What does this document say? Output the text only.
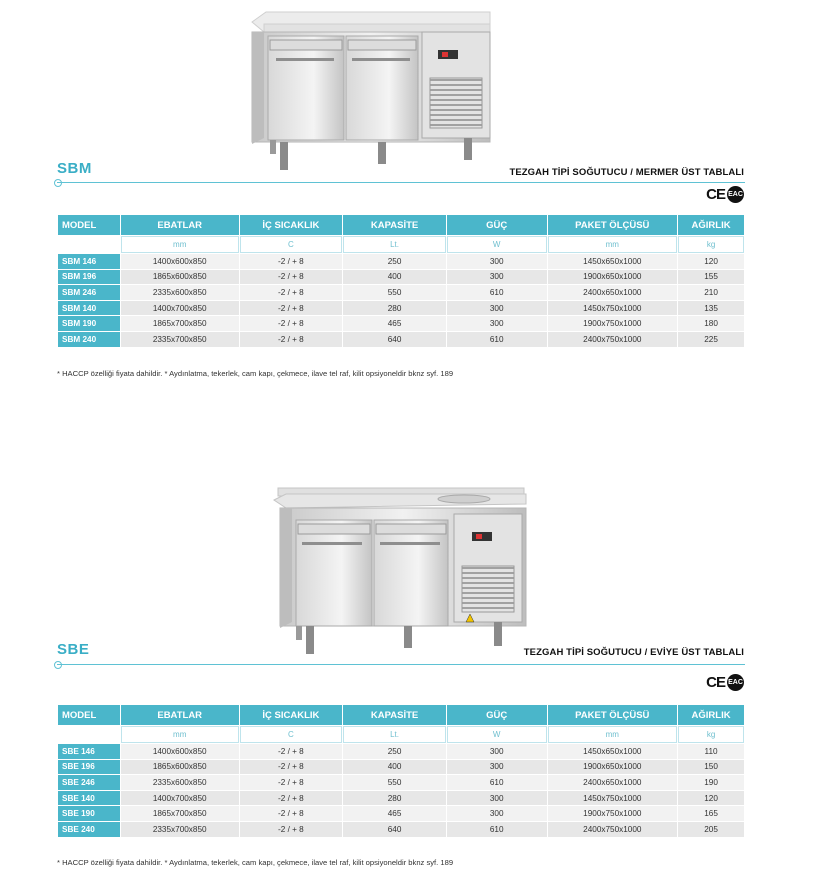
SBM	TEZGAH TİPİ SOĞUTUCU / MERMER ÜST TABLALI
CE EAC
MODEL	EBATLAR	İÇ SICAKLIK	KAPASİTE	GÜÇ	PAKET ÖLÇÜSÜ	AĞIRLIK
	mm	C	Lt.	W	mm	kg
SBM 146	1400x600x850	-2 / + 8	250	300	1450x650x1000	120
SBM 196	1865x600x850	-2 / + 8	400	300	1900x650x1000	155
SBM 246	2335x600x850	-2 / + 8	550	610	2400x650x1000	210
SBM 140	1400x700x850	-2 / + 8	280	300	1450x750x1000	135
SBM 190	1865x700x850	-2 / + 8	465	300	1900x750x1000	180
SBM 240	2335x700x850	-2 / + 8	640	610	2400x750x1000	225
* HACCP özelliği fiyata dahildir. * Aydınlatma, tekerlek, cam kapı, çekmece, ilave tel raf, kilit opsiyoneldir bknz syf. 189
SBE	TEZGAH TİPİ SOĞUTUCU / EVİYE ÜST TABLALI
CE EAC
MODEL	EBATLAR	İÇ SICAKLIK	KAPASİTE	GÜÇ	PAKET ÖLÇÜSÜ	AĞIRLIK
	mm	C	Lt.	W	mm	kg
SBE 146	1400x600x850	-2 / + 8	250	300	1450x650x1000	110
SBE 196	1865x600x850	-2 / + 8	400	300	1900x650x1000	150
SBE 246	2335x600x850	-2 / + 8	550	610	2400x650x1000	190
SBE 140	1400x700x850	-2 / + 8	280	300	1450x750x1000	120
SBE 190	1865x700x850	-2 / + 8	465	300	1900x750x1000	165
SBE 240	2335x700x850	-2 / + 8	640	610	2400x750x1000	205
* HACCP özelliği fiyata dahildir. * Aydınlatma, tekerlek, cam kapı, çekmece, ilave tel raf, kilit opsiyoneldir bknz syf. 189
